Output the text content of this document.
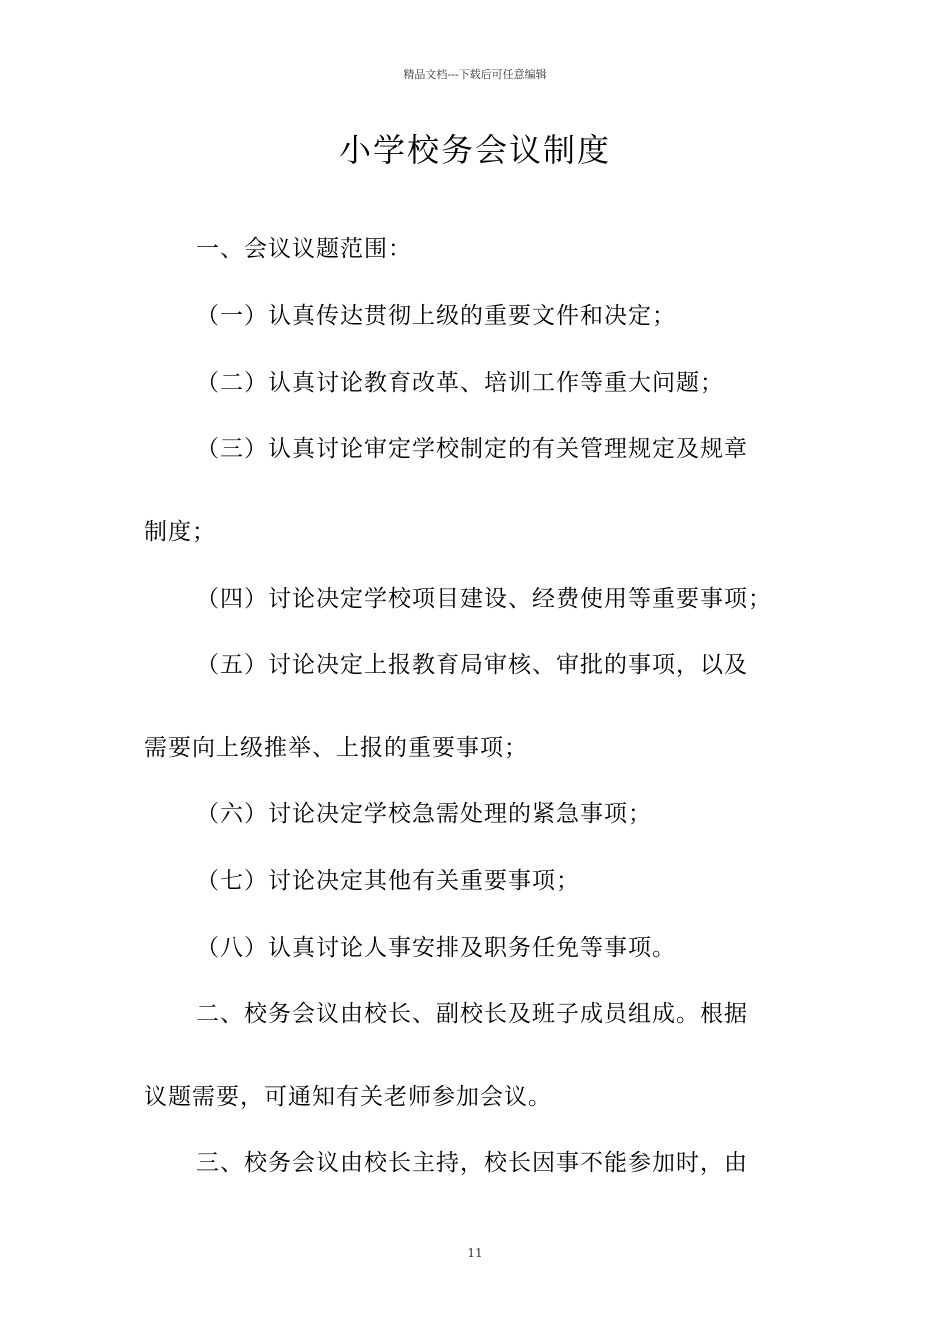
精品文档---下载后可任意编辑
小学校务会议制度
一、会议议题范围：
（一）认真传达贯彻上级的重要文件和决定；
（二）认真讨论教育改革、培训工作等重大问题；
（三）认真讨论审定学校制定的有关管理规定及规章
制度；
（四）讨论决定学校项目建设、经费使用等重要事项；
（五）讨论决定上报教育局审核、审批的事项，以及
需要向上级推举、上报的重要事项；
（六）讨论决定学校急需处理的紧急事项；
（七）讨论决定其他有关重要事项；
（八）认真讨论人事安排及职务任免等事项。
二、校务会议由校长、副校长及班子成员组成。根据
议题需要，可通知有关老师参加会议。
三、校务会议由校长主持，校长因事不能参加时，由
11
